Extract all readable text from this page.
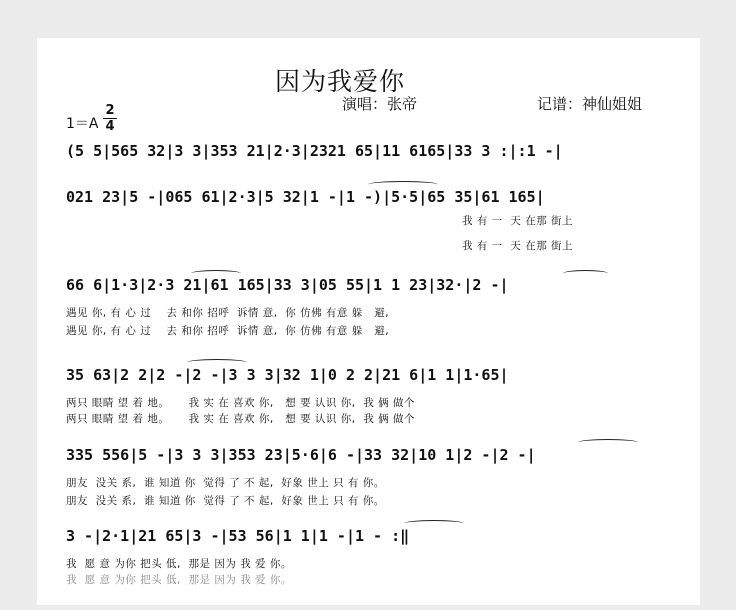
因为我爱你
演唱：张帝	记谱：神仙姐姐
1＝A
2
4
(5 5|565 32|3 3|353 21|2·3|2321 65|11 6165|33 3 :|:1 -|
021 23|5 -|065 61|2·3|5 32|1 -|1 -)|5·5|65 35|61 165|
我 有 一  天 在那 街上
我 有 一  天 在那 街上
66 6|1·3|2·3 21|61 165|33 3|05 55|1 1 23|32·|2 -|
遇见 你, 有 心 过    去 和你 招呼  诉情 意,  你 仿佛 有意 躲   避,
遇见 你, 有 心 过    去 和你 招呼  诉情 意,  你 仿佛 有意 躲   避,
35 63|2 2|2 -|2 -|3 3 3|32 1|0 2 2|21 6|1 1|1·65|
两只 眼睛 望 着 地。     我 实 在 喜欢 你,   想 要 认识 你,  我 俩 做个
两只 眼睛 望 着 地。     我 实 在 喜欢 你,   想 要 认识 你,  我 俩 做个
335 556|5 -|3 3 3|353 23|5·6|6 -|33 32|10 1|2 -|2 -|
朋友  没关 系,  谁 知道 你  觉得 了 不 起,  好象 世上 只 有 你。
朋友  没关 系,  谁 知道 你  觉得 了 不 起,  好象 世上 只 有 你。
3 -|2·1|21 65|3 -|53 56|1 1|1 -|1 - :‖
我  愿 意 为你 把头 低,  那是 因为 我 爱 你。
我  愿 意 为你 把头 低,  那是 因为 我 爱 你。
